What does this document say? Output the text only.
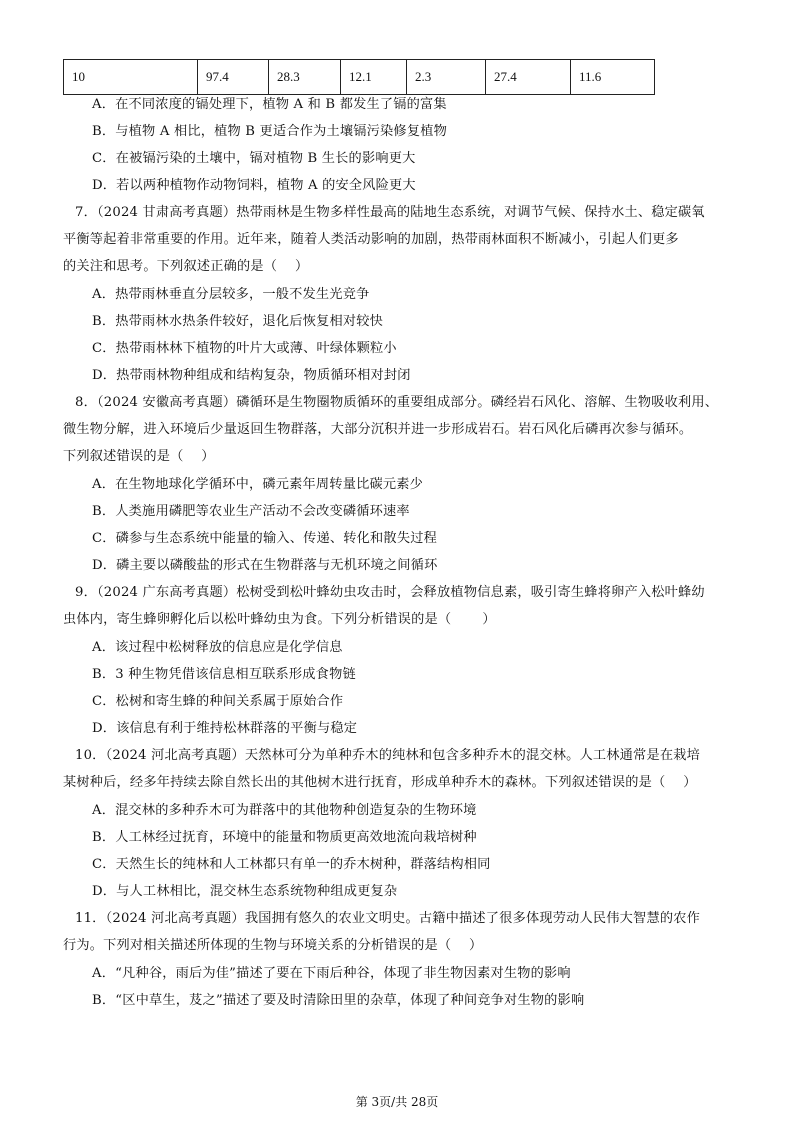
10	97.4	28.3	12.1	2.3	27.4	11.6
A．在不同浓度的镉处理下，植物 A 和 B 都发生了镉的富集
B．与植物 A 相比，植物 B 更适合作为土壤镉污染修复植物
C．在被镉污染的土壤中，镉对植物 B 生长的影响更大
D．若以两种植物作动物饲料，植物 A 的安全风险更大
7．（2024 甘肃高考真题）热带雨林是生物多样性最高的陆地生态系统，对调节气候、保持水土、稳定碳氧
平衡等起着非常重要的作用。近年来，随着人类活动影响的加剧，热带雨林面积不断减小，引起人们更多
的关注和思考。下列叙述正确的是（　 ）
A．热带雨林垂直分层较多，一般不发生光竞争
B．热带雨林水热条件较好，退化后恢复相对较快
C．热带雨林林下植物的叶片大或薄、叶绿体颗粒小
D．热带雨林物种组成和结构复杂，物质循环相对封闭
8．（2024 安徽高考真题）磷循环是生物圈物质循环的重要组成部分。磷经岩石风化、溶解、生物吸收利用、
微生物分解，进入环境后少量返回生物群落，大部分沉积并进一步形成岩石。岩石风化后磷再次参与循环。
下列叙述错误的是（　 ）
A．在生物地球化学循环中，磷元素年周转量比碳元素少
B．人类施用磷肥等农业生产活动不会改变磷循环速率
C．磷参与生态系统中能量的输入、传递、转化和散失过程
D．磷主要以磷酸盐的形式在生物群落与无机环境之间循环
9．（2024 广东高考真题）松树受到松叶蜂幼虫攻击时，会释放植物信息素，吸引寄生蜂将卵产入松叶蜂幼
虫体内，寄生蜂卵孵化后以松叶蜂幼虫为食。下列分析错误的是（　　 ）
A．该过程中松树释放的信息应是化学信息
B．3 种生物凭借该信息相互联系形成食物链
C．松树和寄生蜂的种间关系属于原始合作
D．该信息有利于维持松林群落的平衡与稳定
10．（2024 河北高考真题）天然林可分为单种乔木的纯林和包含多种乔木的混交林。人工林通常是在栽培
某树种后，经多年持续去除自然长出的其他树木进行抚育，形成单种乔木的森林。下列叙述错误的是（　 ）
A．混交林的多种乔木可为群落中的其他物种创造复杂的生物环境
B．人工林经过抚育，环境中的能量和物质更高效地流向栽培树种
C．天然生长的纯林和人工林都只有单一的乔木树种，群落结构相同
D．与人工林相比，混交林生态系统物种组成更复杂
11．（2024 河北高考真题）我国拥有悠久的农业文明史。古籍中描述了很多体现劳动人民伟大智慧的农作
行为。下列对相关描述所体现的生物与环境关系的分析错误的是（　 ）
A．“凡种谷，雨后为佳”描述了要在下雨后种谷，体现了非生物因素对生物的影响
B．“区中草生，芨之”描述了要及时清除田里的杂草，体现了种间竞争对生物的影响
第 3页/共 28页
